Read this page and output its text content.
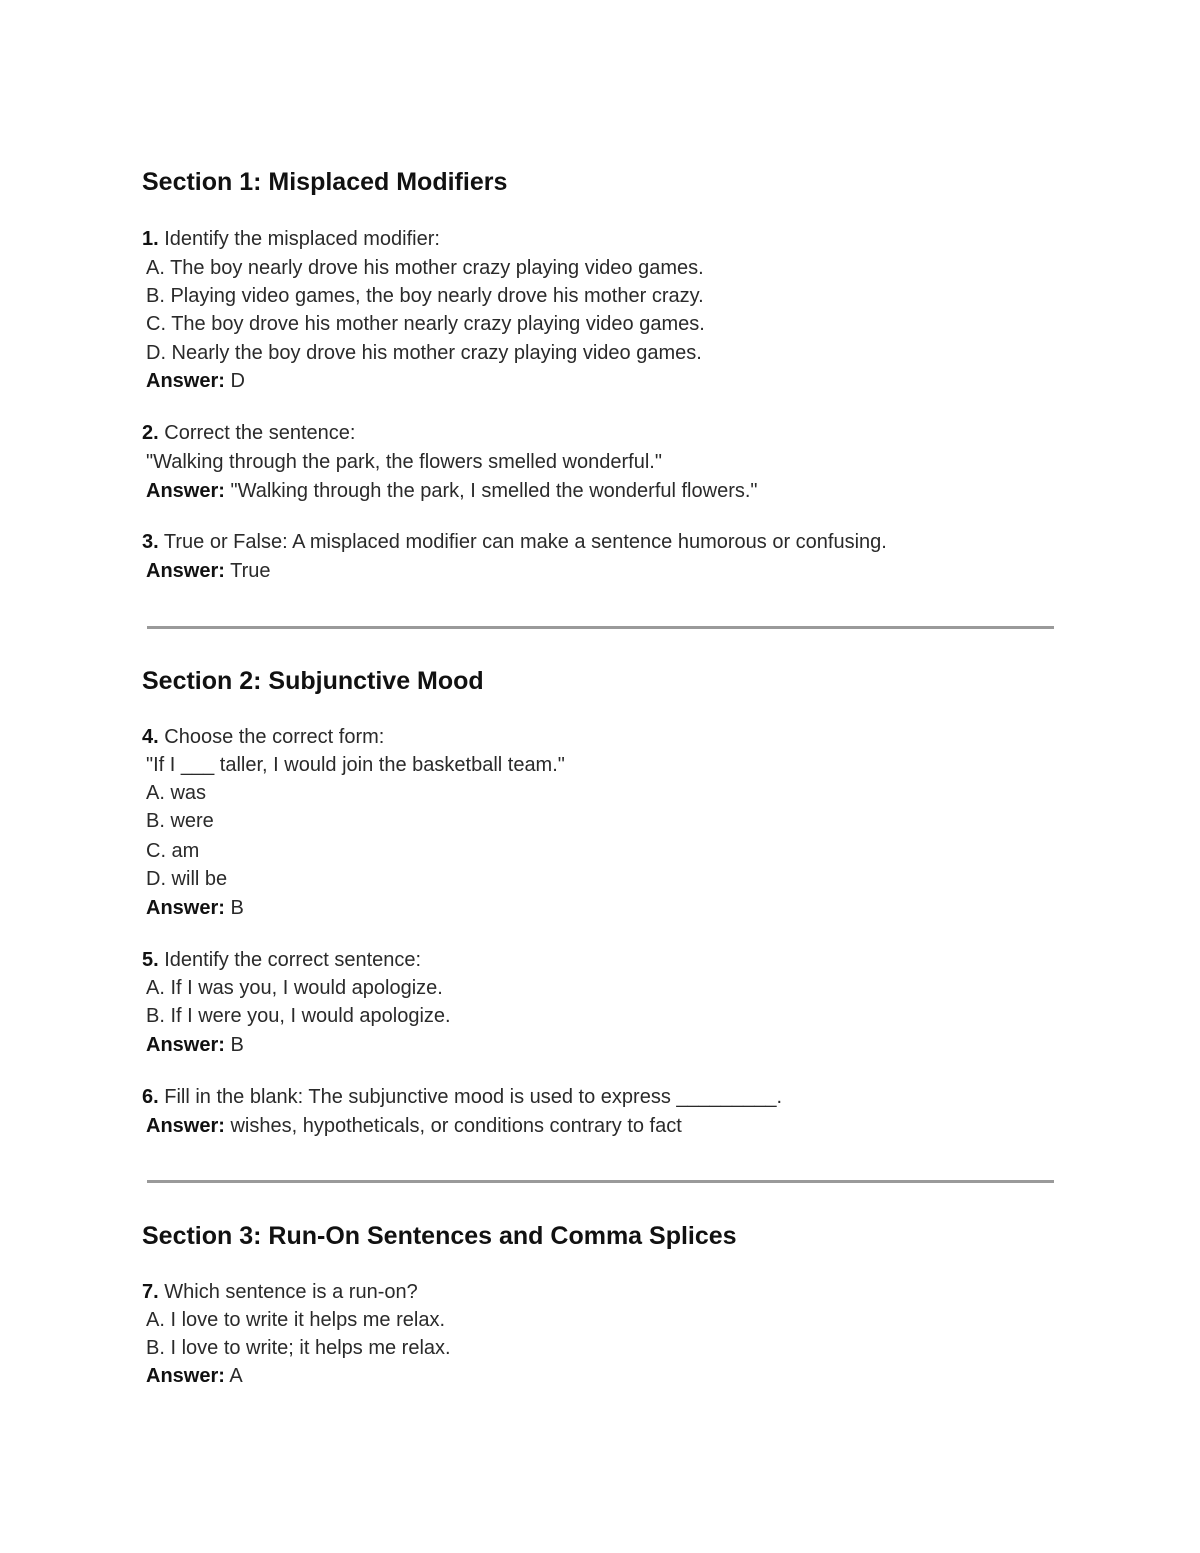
Section 1: Misplaced Modifiers
1. Identify the misplaced modifier:
A. The boy nearly drove his mother crazy playing video games.
B. Playing video games, the boy nearly drove his mother crazy.
C. The boy drove his mother nearly crazy playing video games.
D. Nearly the boy drove his mother crazy playing video games.
Answer: D
2. Correct the sentence:
"Walking through the park, the flowers smelled wonderful."
Answer: "Walking through the park, I smelled the wonderful flowers."
3. True or False: A misplaced modifier can make a sentence humorous or confusing.
Answer: True
Section 2: Subjunctive Mood
4. Choose the correct form:
"If I ___ taller, I would join the basketball team."
A. was
B. were
C. am
D. will be
Answer: B
5. Identify the correct sentence:
A. If I was you, I would apologize.
B. If I were you, I would apologize.
Answer: B
6. Fill in the blank: The subjunctive mood is used to express _________.
Answer: wishes, hypotheticals, or conditions contrary to fact
Section 3: Run-On Sentences and Comma Splices
7. Which sentence is a run-on?
A. I love to write it helps me relax.
B. I love to write; it helps me relax.
Answer: A
